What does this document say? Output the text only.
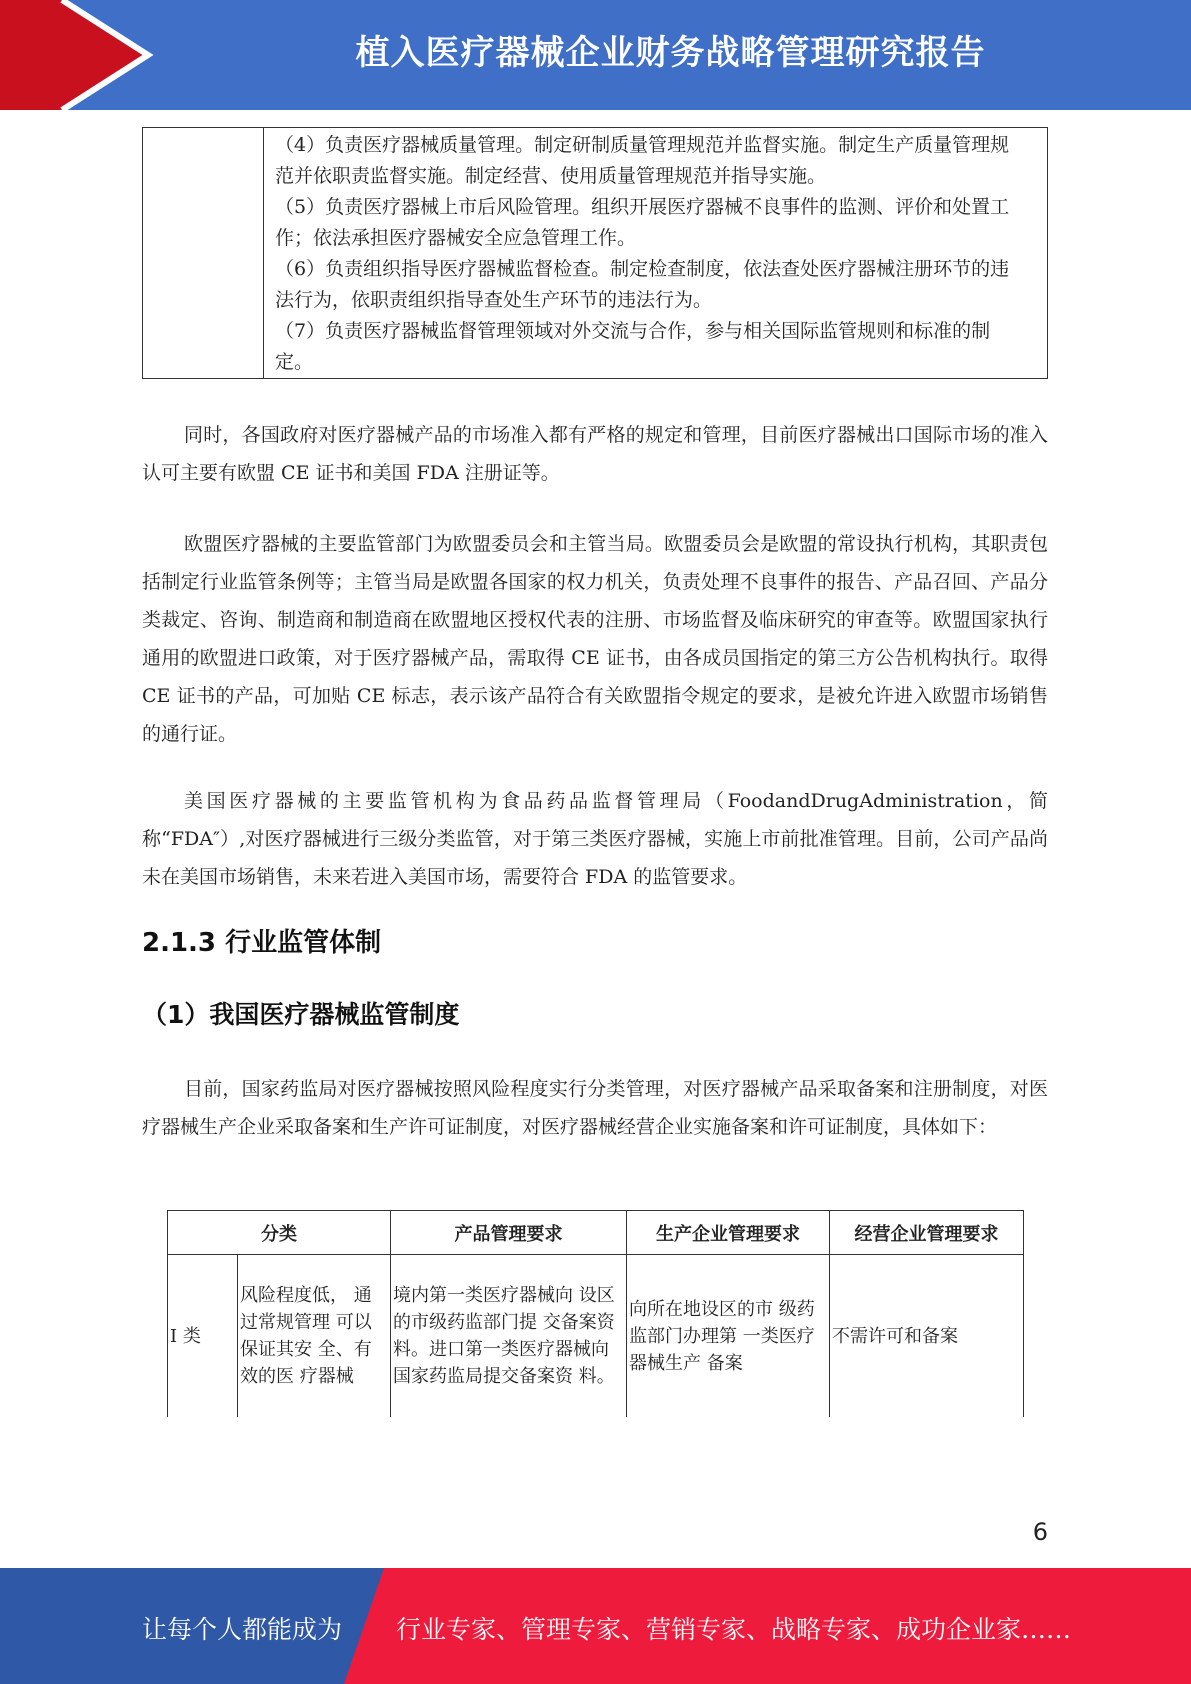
植入医疗器械企业财务战略管理研究报告

（4）负责医疗器械质量管理。制定研制质量管理规范并监督实施。制定生产质量管理规范并依职责监督实施。制定经营、使用质量管理规范并指导实施。

（5）负责医疗器械上市后风险管理。组织开展医疗器械不良事件的监测、评价和处置工作；依法承担医疗器械安全应急管理工作。

（6）负责组织指导医疗器械监督检查。制定检查制度，依法查处医疗器械注册环节的违法行为，依职责组织指导查处生产环节的违法行为。

（7）负责医疗器械监督管理领域对外交流与合作，参与相关国际监管规则和标准的制定。

同时，各国政府对医疗器械产品的市场准入都有严格的规定和管理，目前医疗器械出口国际市场的准入认可主要有欧盟 CE 证书和美国 FDA 注册证等。

欧盟医疗器械的主要监管部门为欧盟委员会和主管当局。欧盟委员会是欧盟的常设执行机构，其职责包括制定行业监管条例等；主管当局是欧盟各国家的权力机关，负责处理不良事件的报告、产品召回、产品分类裁定、咨询、制造商和制造商在欧盟地区授权代表的注册、市场监督及临床研究的审查等。欧盟国家执行通用的欧盟进口政策，对于医疗器械产品，需取得 CE 证书，由各成员国指定的第三方公告机构执行。取得 CE 证书的产品，可加贴 CE 标志，表示该产品符合有关欧盟指令规定的要求，是被允许进入欧盟市场销售的通行证。

美国医疗器械的主要监管机构为食品药品监督管理局（FoodandDrugAdministration，简称“FDA″）,对医疗器械进行三级分类监管，对于第三类医疗器械，实施上市前批准管理。目前，公司产品尚未在美国市场销售，未来若进入美国市场，需要符合 FDA 的监管要求。

2.1.3 行业监管体制
（1）我国医疗器械监管制度

目前，国家药监局对医疗器械按照风险程度实行分类管理，对医疗器械产品采取备案和注册制度，对医疗器械生产企业采取备案和生产许可证制度，对医疗器械经营企业实施备案和许可证制度，具体如下：

分类		产品管理要求	生产企业管理要求	经营企业管理要求
I 类	风险程度低， 通过常规管理 可以保证其安 全、有效的医 疗器械	境内第一类医疗器械向 设区的市级药监部门提 交备案资料。进口第一类医疗器械向 国家药监局提交备案资 料。	向所在地设区的市 级药监部门办理第 一类医疗器械生产 备案	不需许可和备案
6
让每个人都能成为 行业专家、管理专家、营销专家、战略专家、成功企业家……
